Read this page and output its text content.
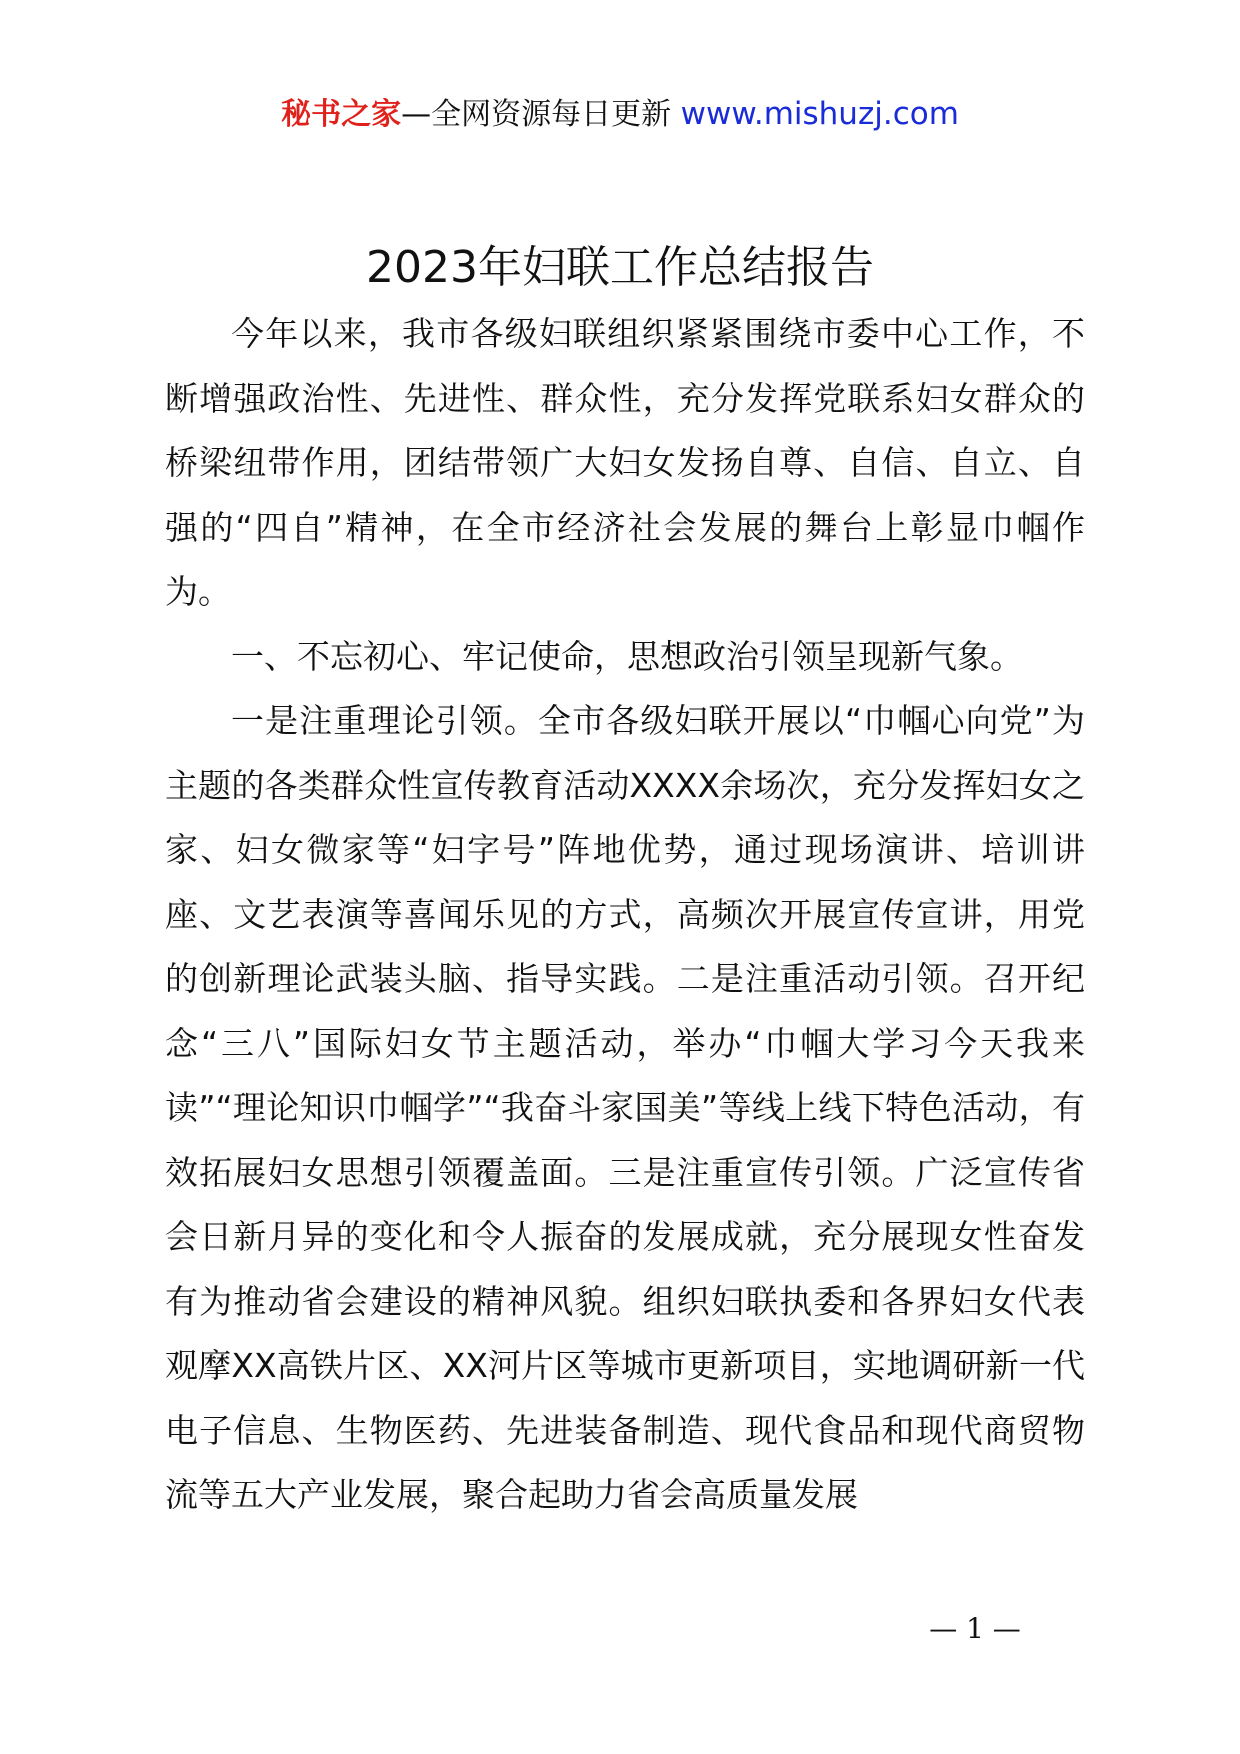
秘书之家—全网资源每日更新 www.mishuzj.com
2023年妇联工作总结报告

今年以来，我市各级妇联组织紧紧围绕市委中心工作，不断增强政治性、先进性、群众性，充分发挥党联系妇女群众的桥梁纽带作用，团结带领广大妇女发扬自尊、自信、自立、自强的“四自”精神，在全市经济社会发展的舞台上彰显巾帼作为。

一、不忘初心、牢记使命，思想政治引领呈现新气象。

一是注重理论引领。全市各级妇联开展以“巾帼心向党”为主题的各类群众性宣传教育活动XXXX余场次，充分发挥妇女之家、妇女微家等“妇字号”阵地优势，通过现场演讲、培训讲座、文艺表演等喜闻乐见的方式，高频次开展宣传宣讲，用党的创新理论武装头脑、指导实践。二是注重活动引领。召开纪念“三八”国际妇女节主题活动，举办“巾帼大学习今天我来读”“理论知识巾帼学”“我奋斗家国美”等线上线下特色活动，有效拓展妇女思想引领覆盖面。三是注重宣传引领。广泛宣传省会日新月异的变化和令人振奋的发展成就，充分展现女性奋发有为推动省会建设的精神风貌。组织妇联执委和各界妇女代表观摩XX高铁片区、XX河片区等城市更新项目，实地调研新一代电子信息、生物医药、先进装备制造、现代食品和现代商贸物流等五大产业发展，聚合起助力省会高质量发展

— 1 —
